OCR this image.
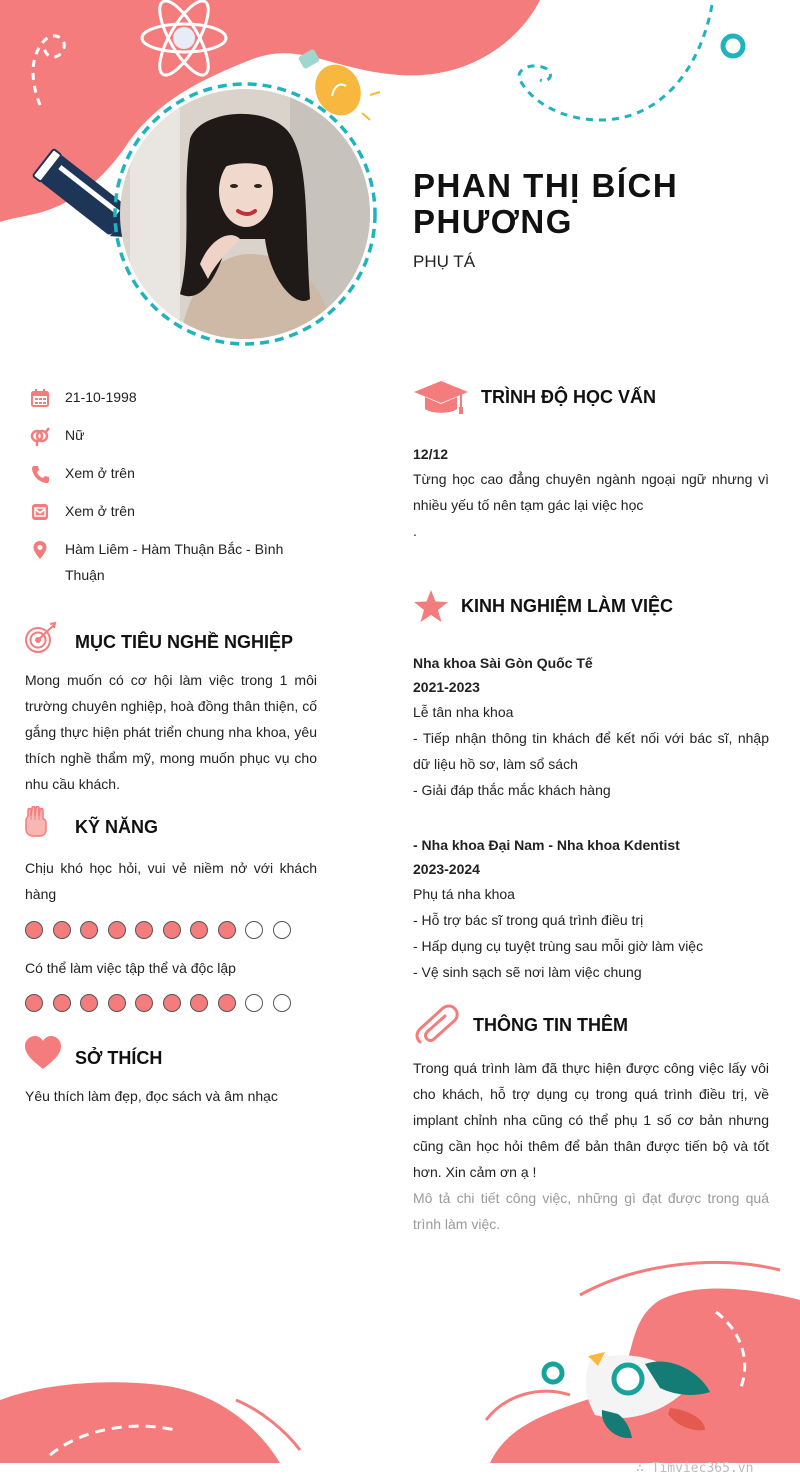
PHAN THỊ BÍCH PHƯƠNG
PHỤ TÁ
21-10-1998
Nữ
Xem ở trên
Xem ở trên
Hàm Liêm - Hàm Thuận Bắc - Bình Thuận
MỤC TIÊU NGHỀ NGHIỆP
Mong muốn có cơ hội làm việc trong 1 môi trường chuyên nghiệp, hoà đồng thân thiện, cố gắng thực hiện phát triển chung nha khoa, yêu thích nghề thẩm mỹ, mong muốn phục vụ cho nhu cầu khách.
KỸ NĂNG
Chịu khó học hỏi, vui vẻ niềm nở với khách hàng
Có thể làm việc tập thể và độc lập
SỞ THÍCH
Yêu thích làm đẹp, đọc sách và âm nhạc
TRÌNH ĐỘ HỌC VẤN
12/12
Từng học cao đẳng chuyên ngành ngoại ngữ nhưng vì nhiều yếu tố nên tạm gác lại việc học
.
KINH NGHIỆM LÀM VIỆC
Nha khoa Sài Gòn Quốc Tế
2021-2023
Lễ tân nha khoa
- Tiếp nhận thông tin khách để kết nối với bác sĩ, nhập dữ liệu hồ sơ, làm sổ sách
- Giải đáp thắc mắc khách hàng
- Nha khoa Đại Nam - Nha khoa Kdentist
2023-2024
Phụ tá nha khoa
- Hỗ trợ bác sĩ trong quá trình điều trị
- Hấp dụng cụ tuyệt trùng sau mỗi giờ làm việc
- Vệ sinh sạch sẽ nơi làm việc chung
THÔNG TIN THÊM
Trong quá trình làm đã thực hiện được công việc lấy vôi cho khách, hỗ trợ dụng cụ trong quá trình điều trị, về implant chỉnh nha cũng có thể phụ 1 số cơ bản nhưng cũng cần học hỏi thêm để bản thân được tiến bộ và tốt hơn. Xin cảm ơn ạ !
Mô tả chi tiết công việc, những gì đạt được trong quá trình làm việc.
∴ Timviec365.vn
